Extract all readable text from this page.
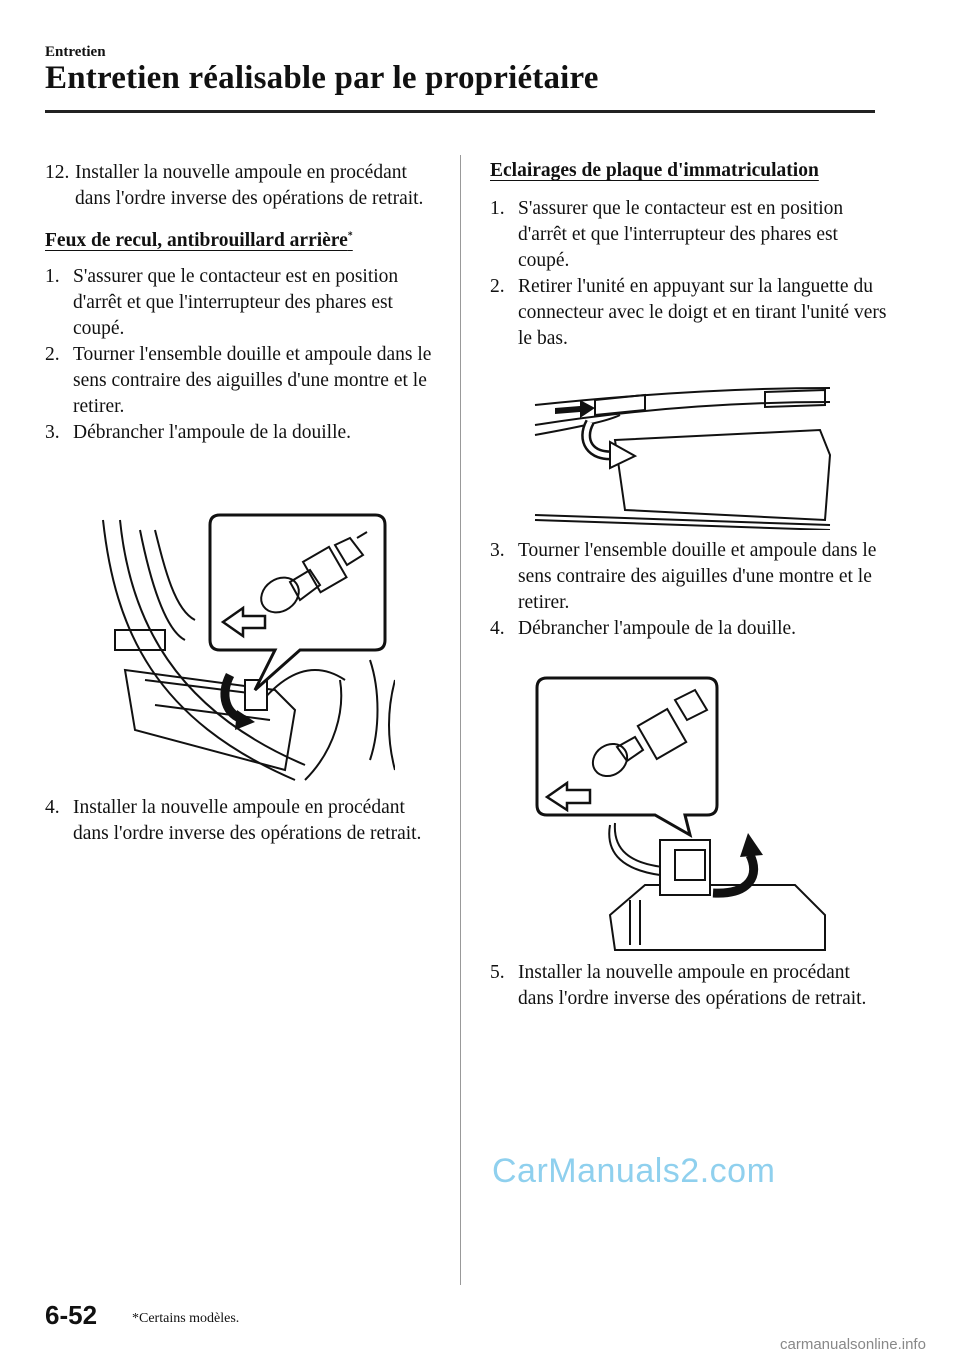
Entretien
Entretien réalisable par le propriétaire

12. Installer la nouvelle ampoule en procédant dans l'ordre inverse des opérations de retrait.

Feux de recul, antibrouillard arrière*

1. S'assurer que le contacteur est en position d'arrêt et que l'interrupteur des phares est coupé.

2. Tourner l'ensemble douille et ampoule dans le sens contraire des aiguilles d'une montre et le retirer.

3. Débrancher l'ampoule de la douille.

4. Installer la nouvelle ampoule en procédant dans l'ordre inverse des opérations de retrait.

Eclairages de plaque d'immatriculation

1. S'assurer que le contacteur est en position d'arrêt et que l'interrupteur des phares est coupé.

2. Retirer l'unité en appuyant sur la languette du connecteur avec le doigt et en tirant l'unité vers le bas.

3. Tourner l'ensemble douille et ampoule dans le sens contraire des aiguilles d'une montre et le retirer.

4. Débrancher l'ampoule de la douille.

5. Installer la nouvelle ampoule en procédant dans l'ordre inverse des opérations de retrait.

CarManuals2.com
6-52 *Certains modèles.
carmanualsonline.info
